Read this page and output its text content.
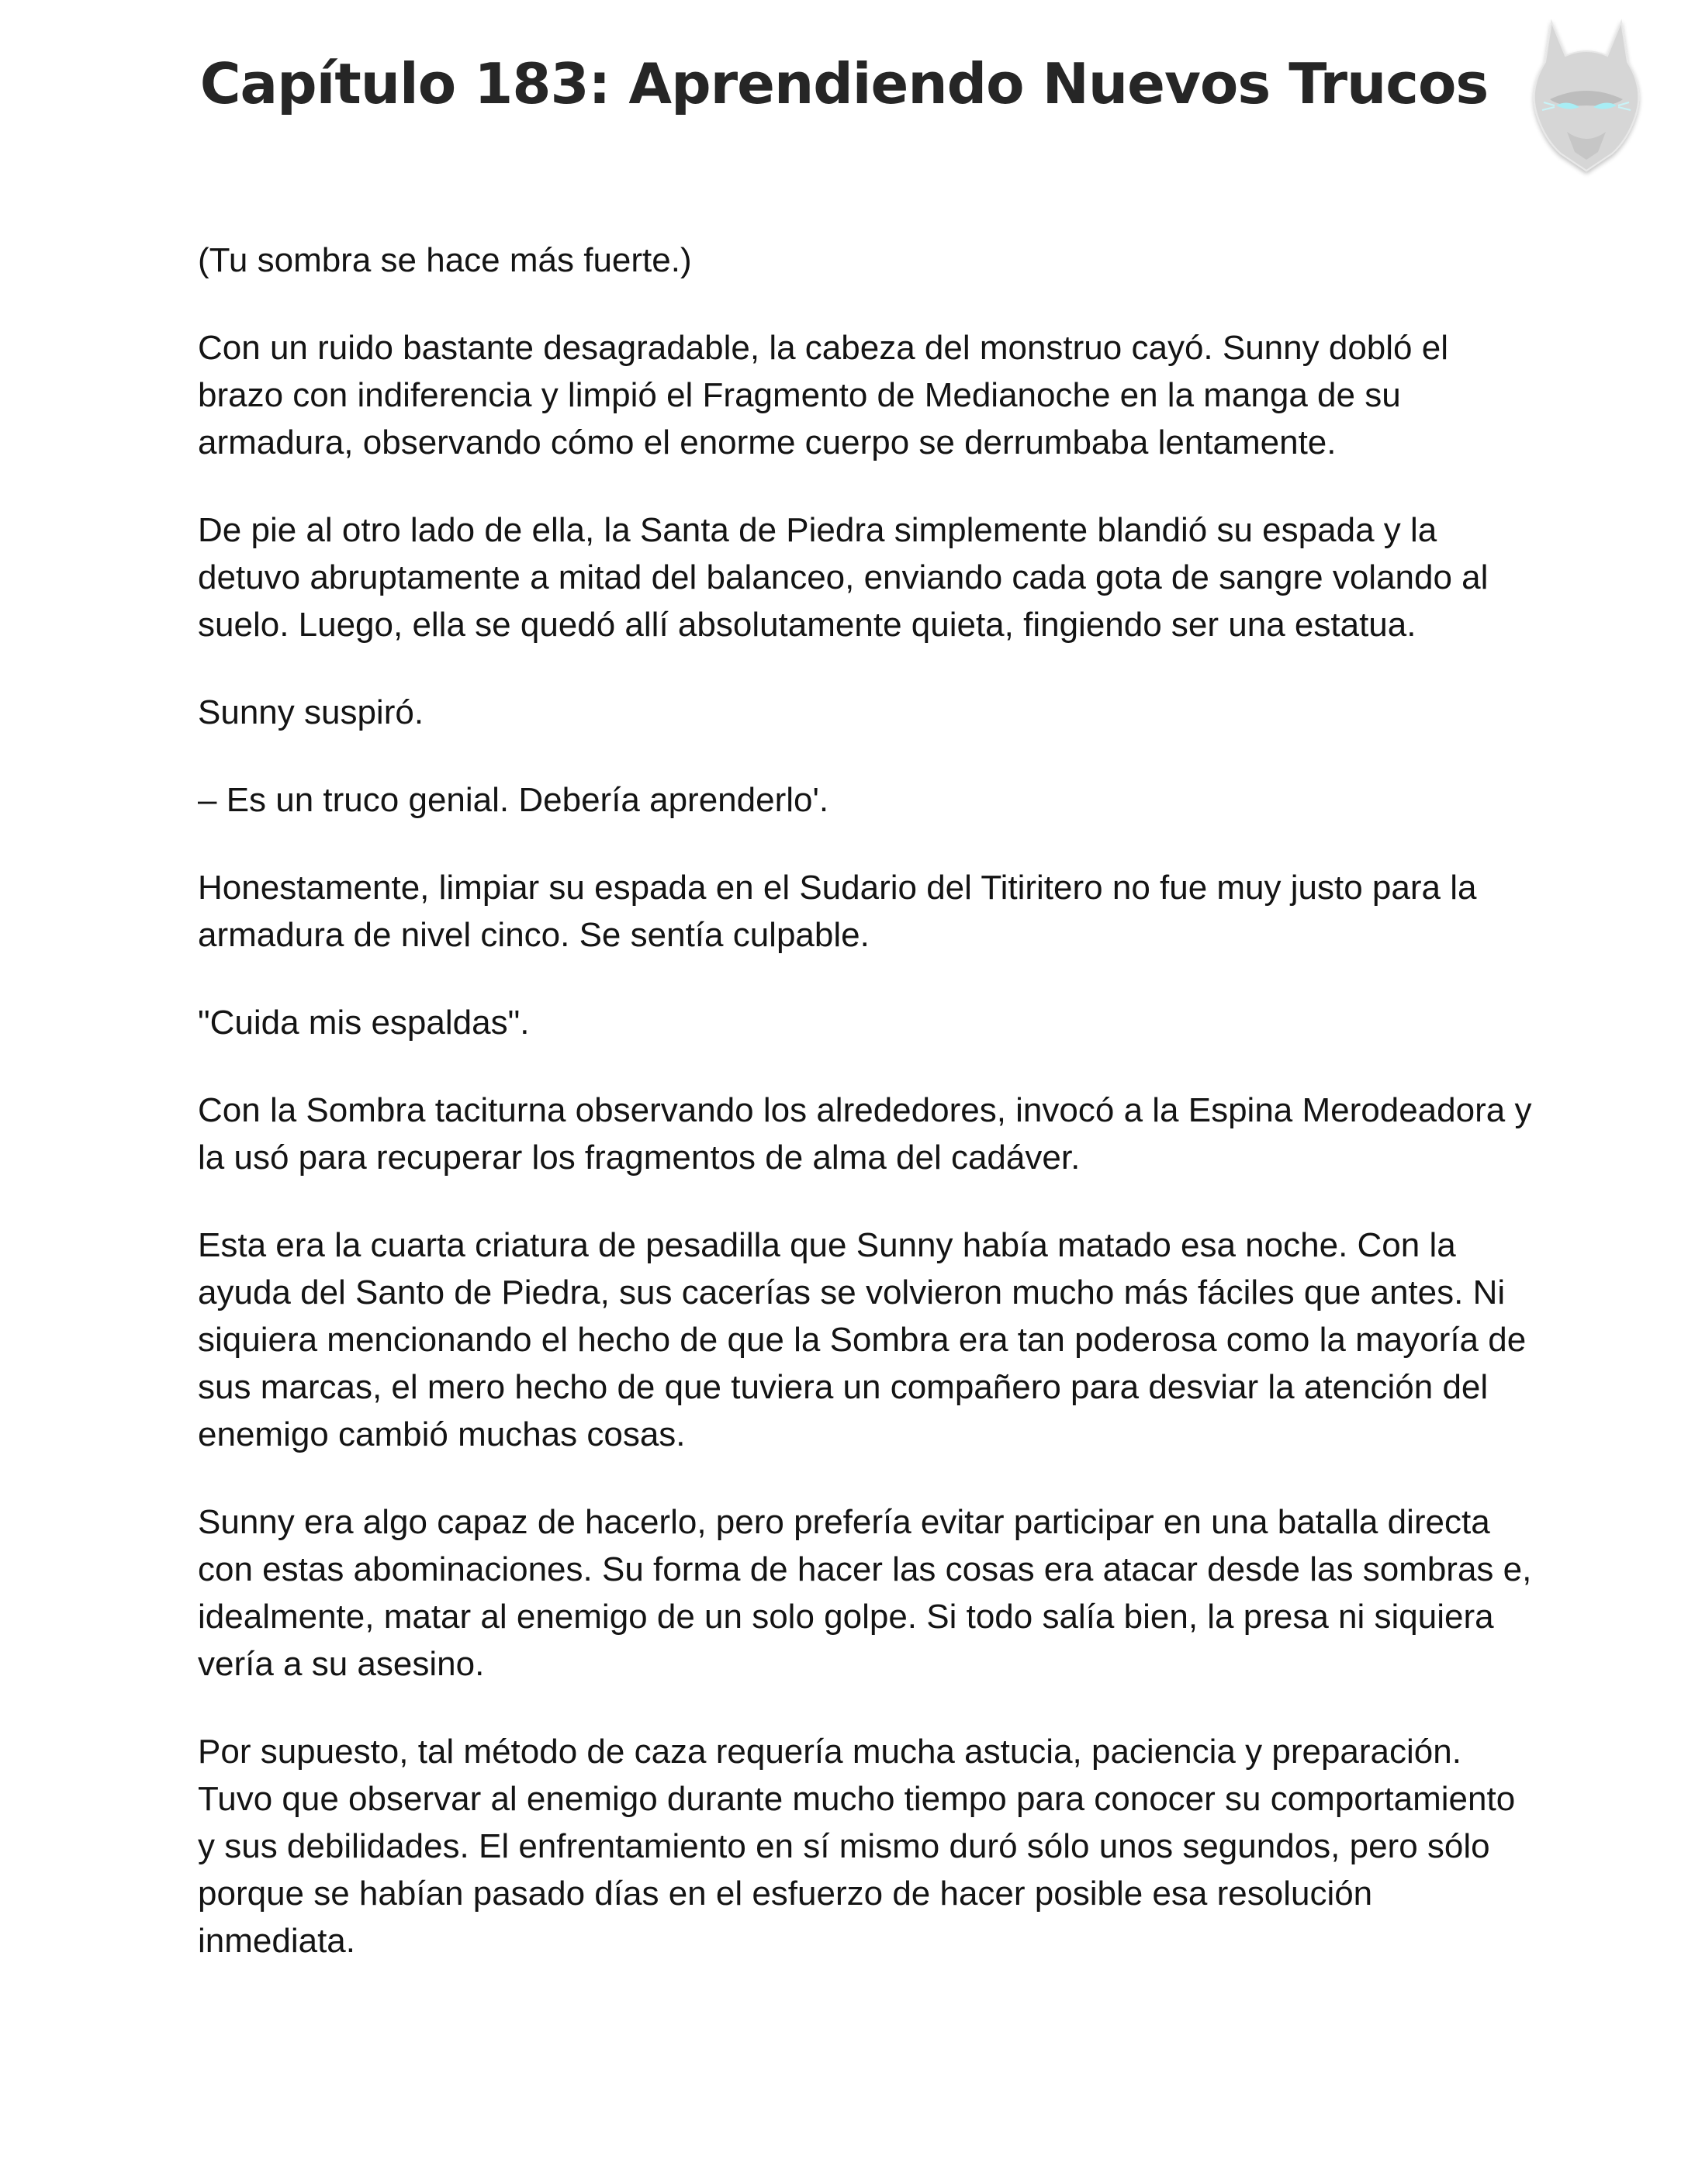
Capítulo 183: Aprendiendo Nuevos Trucos

(Tu sombra se hace más fuerte.)

Con un ruido bastante desagradable, la cabeza del monstruo cayó. Sunny dobló el brazo con indiferencia y limpió el Fragmento de Medianoche en la manga de su armadura, observando cómo el enorme cuerpo se derrumbaba lentamente.

De pie al otro lado de ella, la Santa de Piedra simplemente blandió su espada y la detuvo abruptamente a mitad del balanceo, enviando cada gota de sangre volando al suelo. Luego, ella se quedó allí absolutamente quieta, fingiendo ser una estatua.

Sunny suspiró.

– Es un truco genial. Debería aprenderlo'.

Honestamente, limpiar su espada en el Sudario del Titiritero no fue muy justo para la armadura de nivel cinco. Se sentía culpable.

"Cuida mis espaldas".

Con la Sombra taciturna observando los alrededores, invocó a la Espina Merodeadora y la usó para recuperar los fragmentos de alma del cadáver.

Esta era la cuarta criatura de pesadilla que Sunny había matado esa noche. Con la ayuda del Santo de Piedra, sus cacerías se volvieron mucho más fáciles que antes. Ni siquiera mencionando el hecho de que la Sombra era tan poderosa como la mayoría de sus marcas, el mero hecho de que tuviera un compañero para desviar la atención del enemigo cambió muchas cosas.

Sunny era algo capaz de hacerlo, pero prefería evitar participar en una batalla directa con estas abominaciones. Su forma de hacer las cosas era atacar desde las sombras e, idealmente, matar al enemigo de un solo golpe. Si todo salía bien, la presa ni siquiera vería a su asesino.

Por supuesto, tal método de caza requería mucha astucia, paciencia y preparación. Tuvo que observar al enemigo durante mucho tiempo para conocer su comportamiento y sus debilidades. El enfrentamiento en sí mismo duró sólo unos segundos, pero sólo porque se habían pasado días en el esfuerzo de hacer posible esa resolución inmediata.
